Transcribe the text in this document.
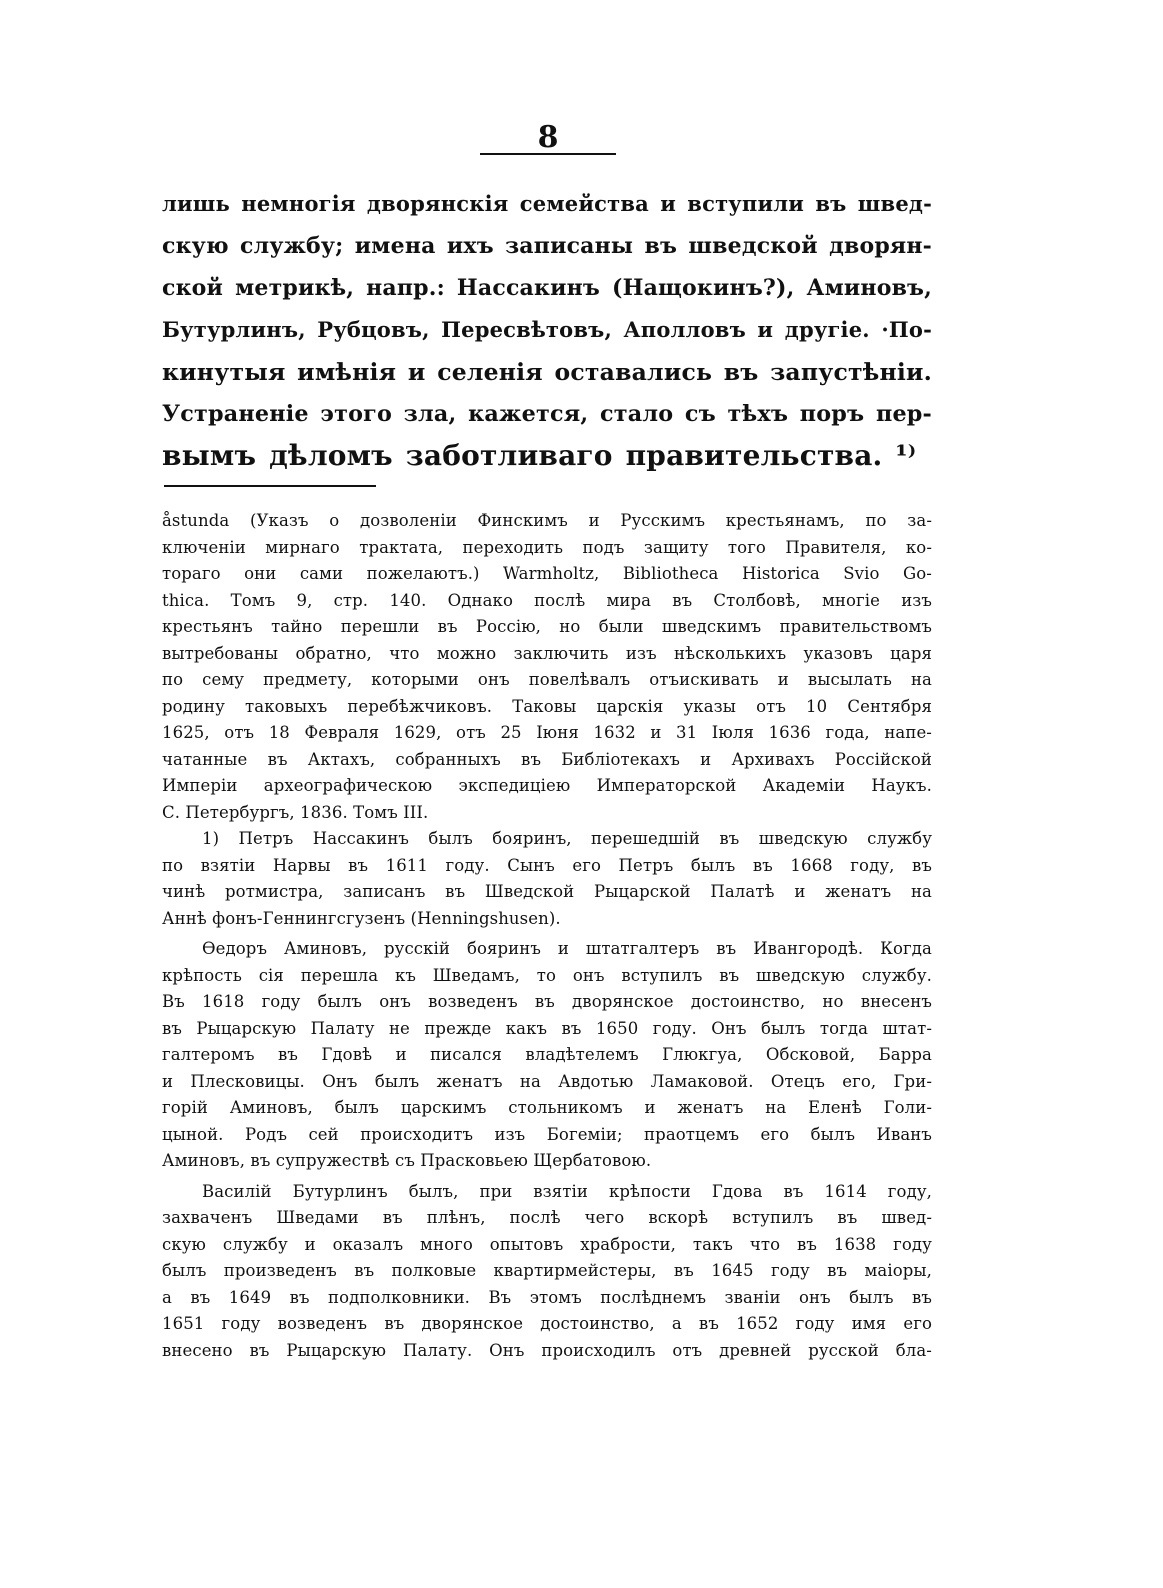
8
лишь немногія дворянскія семейства и вступили въ швед-
скую службу; имена ихъ записаны въ шведской дворян-
ской метрикѣ, напр.: Нассакинъ (Нащокинъ?), Аминовъ,
Бутурлинъ, Рубцовъ, Пересвѣтовъ, Аполловъ и другіе. ·По-
кинутыя имѣнія и селенія оставались въ запустѣніи.
Устраненіе этого зла, кажется, стало съ тѣхъ поръ пер-
вымъ дѣломъ заботливаго правительства. ¹⁾
åstunda (Указъ о дозволеніи Финскимъ и Русскимъ крестьянамъ, по за-
ключеніи мирнаго трактата, переходить подъ защиту того Правителя, ко-
тораго они сами пожелаютъ.) Warmholtz, Bibliotheca Historica Svio Go-
thica. Томъ 9, стр. 140. Однако послѣ мира въ Столбовѣ, многіе изъ
крестьянъ тайно перешли въ Россію, но были шведскимъ правительствомъ
вытребованы обратно, что можно заключить изъ нѣсколькихъ указовъ царя
по сему предмету, которыми онъ повелѣвалъ отъискивать и высылать на
родину таковыхъ перебѣжчиковъ. Таковы царскія указы отъ 10 Сентября
1625, отъ 18 Февраля 1629, отъ 25 Іюня 1632 и 31 Іюля 1636 года, напе-
чатанные въ Актахъ, собранныхъ въ Библіотекахъ и Архивахъ Россійской
Имперіи археографическою экспедиціею Императорской Академіи Наукъ.
С. Петербургъ, 1836. Томъ III.
1) Петръ Нассакинъ былъ бояринъ, перешедшій въ шведскую службу
по взятіи Нарвы въ 1611 году. Сынъ его Петръ былъ въ 1668 году, въ
чинѣ ротмистра, записанъ въ Шведской Рыцарской Палатѣ и женатъ на
Аннѣ фонъ-Геннингсгузенъ (Henningshusen).
Ѳедоръ Аминовъ, русскій бояринъ и штатгалтеръ въ Ивангородѣ. Когда
крѣпость сія перешла къ Шведамъ, то онъ вступилъ въ шведскую службу.
Въ 1618 году былъ онъ возведенъ въ дворянское достоинство, но внесенъ
въ Рыцарскую Палату не прежде какъ въ 1650 году. Онъ былъ тогда штат-
галтеромъ въ Гдовѣ и писался владѣтелемъ Глюкгуа, Обсковой, Барра
и Плесковицы. Онъ былъ женатъ на Авдотью Ламаковой. Отецъ его, Гри-
горій Аминовъ, былъ царскимъ стольникомъ и женатъ на Еленѣ Голи-
цыной. Родъ сей происходитъ изъ Богеміи; праотцемъ его былъ Иванъ
Аминовъ, въ супружествѣ съ Прасковьею Щербатовою.
Василій Бутурлинъ былъ, при взятіи крѣпости Гдова въ 1614 году,
захваченъ Шведами въ плѣнъ, послѣ чего вскорѣ вступилъ въ швед-
скую службу и оказалъ много опытовъ храбрости, такъ что въ 1638 году
былъ произведенъ въ полковые квартирмейстеры, въ 1645 году въ маіоры,
а въ 1649 въ подполковники. Въ этомъ послѣднемъ званіи онъ былъ въ
1651 году возведенъ въ дворянское достоинство, а въ 1652 году имя его
внесено въ Рыцарскую Палату. Онъ происходилъ отъ древней русской бла-
